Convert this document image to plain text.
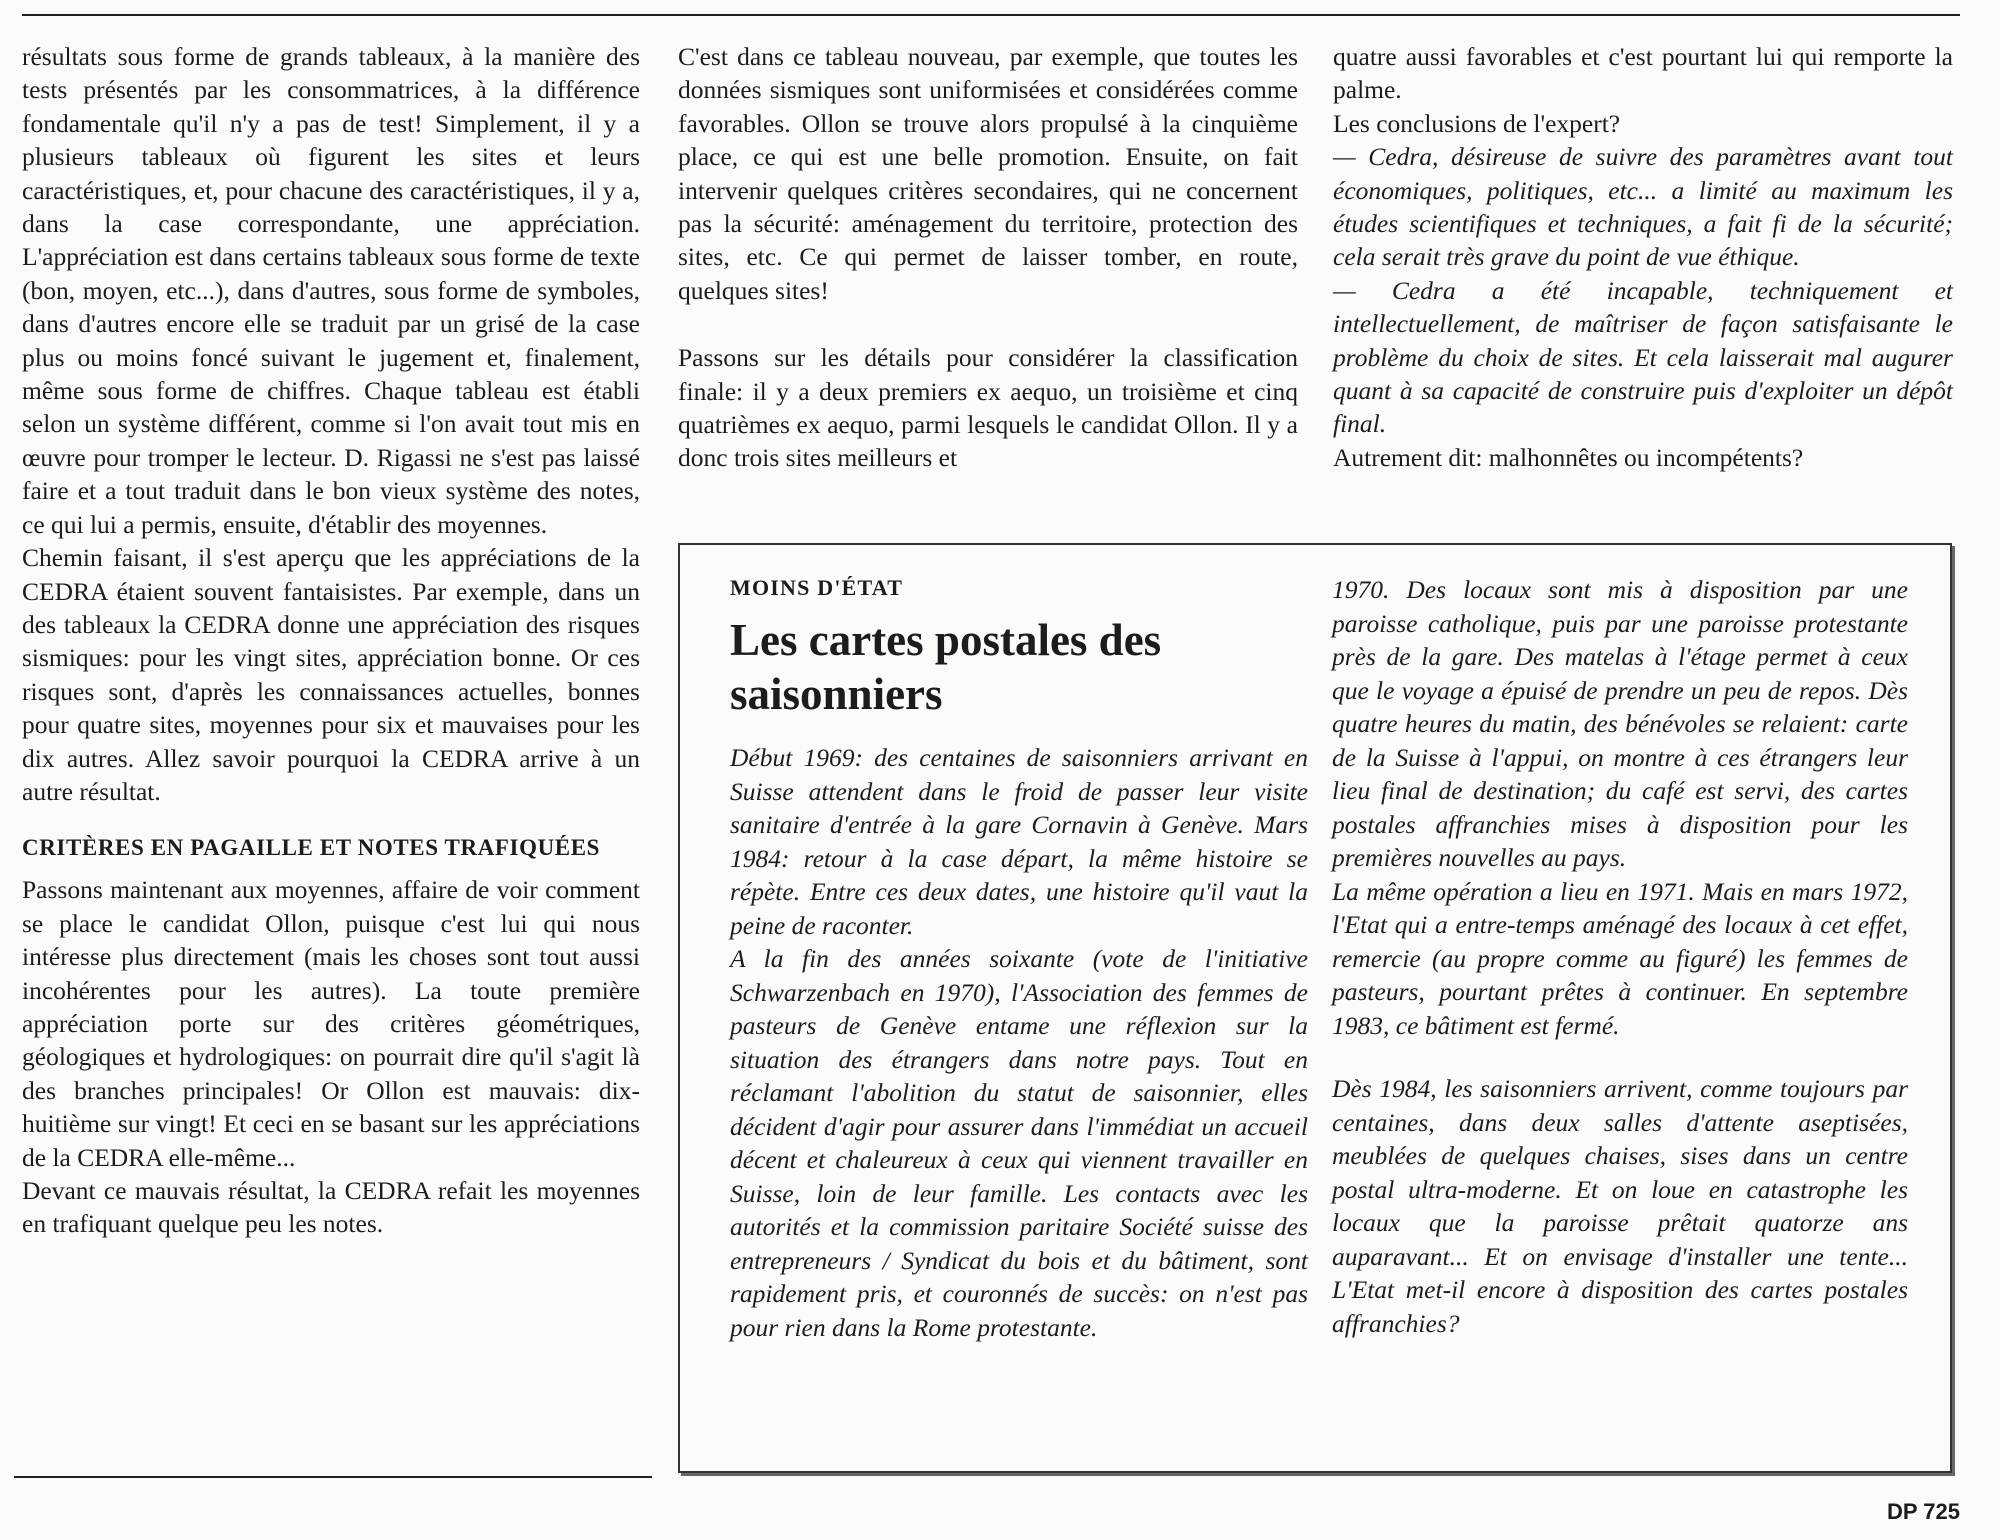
résultats sous forme de grands tableaux, à la manière des tests présentés par les consommatrices, à la différence fondamentale qu'il n'y a pas de test! Simplement, il y a plusieurs tableaux où figurent les sites et leurs caractéristiques, et, pour chacune des caractéristiques, il y a, dans la case correspondante, une appréciation. L'appréciation est dans certains tableaux sous forme de texte (bon, moyen, etc...), dans d'autres, sous forme de symboles, dans d'autres encore elle se traduit par un grisé de la case plus ou moins foncé suivant le jugement et, finalement, même sous forme de chiffres. Chaque tableau est établi selon un système différent, comme si l'on avait tout mis en œuvre pour tromper le lecteur. D. Rigassi ne s'est pas laissé faire et a tout traduit dans le bon vieux système des notes, ce qui lui a permis, ensuite, d'établir des moyennes.

Chemin faisant, il s'est aperçu que les appréciations de la CEDRA étaient souvent fantaisistes. Par exemple, dans un des tableaux la CEDRA donne une appréciation des risques sismiques: pour les vingt sites, appréciation bonne. Or ces risques sont, d'après les connaissances actuelles, bonnes pour quatre sites, moyennes pour six et mauvaises pour les dix autres. Allez savoir pourquoi la CEDRA arrive à un autre résultat.

CRITÈRES EN PAGAILLE ET NOTES TRAFIQUÉES

Passons maintenant aux moyennes, affaire de voir comment se place le candidat Ollon, puisque c'est lui qui nous intéresse plus directement (mais les choses sont tout aussi incohérentes pour les autres). La toute première appréciation porte sur des critères géométriques, géologiques et hydrologiques: on pourrait dire qu'il s'agit là des branches principales! Or Ollon est mauvais: dix-huitième sur vingt! Et ceci en se basant sur les appréciations de la CEDRA elle-même...

Devant ce mauvais résultat, la CEDRA refait les moyennes en trafiquant quelque peu les notes.

C'est dans ce tableau nouveau, par exemple, que toutes les données sismiques sont uniformisées et considérées comme favorables. Ollon se trouve alors propulsé à la cinquième place, ce qui est une belle promotion. Ensuite, on fait intervenir quelques critères secondaires, qui ne concernent pas la sécurité: aménagement du territoire, protection des sites, etc. Ce qui permet de laisser tomber, en route, quelques sites!

Passons sur les détails pour considérer la classification finale: il y a deux premiers ex aequo, un troisième et cinq quatrièmes ex aequo, parmi lesquels le candidat Ollon. Il y a donc trois sites meilleurs et

quatre aussi favorables et c'est pourtant lui qui remporte la palme.

Les conclusions de l'expert?

— Cedra, désireuse de suivre des paramètres avant tout économiques, politiques, etc... a limité au maximum les études scientifiques et techniques, a fait fi de la sécurité; cela serait très grave du point de vue éthique.

— Cedra a été incapable, techniquement et intellectuellement, de maîtriser de façon satisfaisante le problème du choix de sites. Et cela laisserait mal augurer quant à sa capacité de construire puis d'exploiter un dépôt final.

Autrement dit: malhonnêtes ou incompétents?

MOINS D'ÉTAT

Les cartes postales des saisonniers

Début 1969: des centaines de saisonniers arrivant en Suisse attendent dans le froid de passer leur visite sanitaire d'entrée à la gare Cornavin à Genève. Mars 1984: retour à la case départ, la même histoire se répète. Entre ces deux dates, une histoire qu'il vaut la peine de raconter.

A la fin des années soixante (vote de l'initiative Schwarzenbach en 1970), l'Association des femmes de pasteurs de Genève entame une réflexion sur la situation des étrangers dans notre pays. Tout en réclamant l'abolition du statut de saisonnier, elles décident d'agir pour assurer dans l'immédiat un accueil décent et chaleureux à ceux qui viennent travailler en Suisse, loin de leur famille. Les contacts avec les autorités et la commission paritaire Société suisse des entrepreneurs / Syndicat du bois et du bâtiment, sont rapidement pris, et couronnés de succès: on n'est pas pour rien dans la Rome protestante.

1970. Des locaux sont mis à disposition par une paroisse catholique, puis par une paroisse protestante près de la gare. Des matelas à l'étage permet à ceux que le voyage a épuisé de prendre un peu de repos. Dès quatre heures du matin, des bénévoles se relaient: carte de la Suisse à l'appui, on montre à ces étrangers leur lieu final de destination; du café est servi, des cartes postales affranchies mises à disposition pour les premières nouvelles au pays.

La même opération a lieu en 1971. Mais en mars 1972, l'Etat qui a entre-temps aménagé des locaux à cet effet, remercie (au propre comme au figuré) les femmes de pasteurs, pourtant prêtes à continuer. En septembre 1983, ce bâtiment est fermé.

Dès 1984, les saisonniers arrivent, comme toujours par centaines, dans deux salles d'attente aseptisées, meublées de quelques chaises, sises dans un centre postal ultra-moderne. Et on loue en catastrophe les locaux que la paroisse prêtait quatorze ans auparavant... Et on envisage d'installer une tente... L'Etat met-il encore à disposition des cartes postales affranchies?

DP 725
